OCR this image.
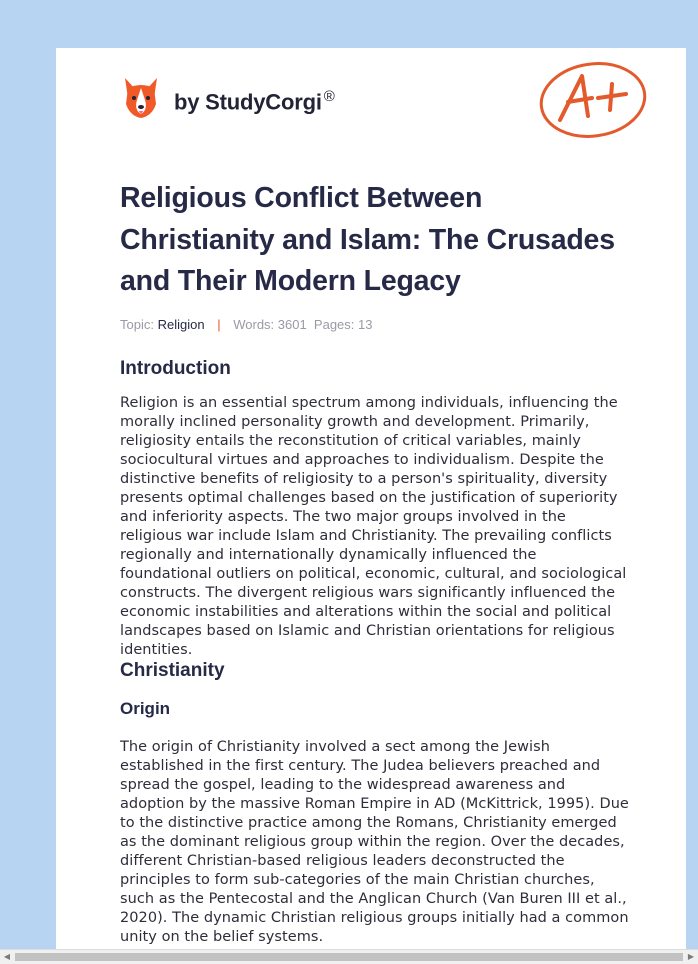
by StudyCorgi ®
Religious Conflict Between Christianity and Islam: The Crusades and Their Modern Legacy
Topic: Religion | Words: 3601 Pages: 13
Introduction

Religion is an essential spectrum among individuals, influencing the morally inclined personality growth and development. Primarily, religiosity entails the reconstitution of critical variables, mainly sociocultural virtues and approaches to individualism. Despite the distinctive benefits of religiosity to a person's spirituality, diversity presents optimal challenges based on the justification of superiority and inferiority aspects. The two major groups involved in the religious war include Islam and Christianity. The prevailing conflicts regionally and internationally dynamically influenced the foundational outliers on political, economic, cultural, and sociological constructs. The divergent religious wars significantly influenced the economic instabilities and alterations within the social and political landscapes based on Islamic and Christian orientations for religious identities.

Christianity
Origin

The origin of Christianity involved a sect among the Jewish established in the first century. The Judea believers preached and spread the gospel, leading to the widespread awareness and adoption by the massive Roman Empire in AD (McKittrick, 1995). Due to the distinctive practice among the Romans, Christianity emerged as the dominant religious group within the region. Over the decades, different Christian-based religious leaders deconstructed the principles to form sub-categories of the main Christian churches, such as the Pentecostal and the Anglican Church (Van Buren III et al., 2020). The dynamic Christian religious groups initially had a common unity on the belief systems.

◀	▶
